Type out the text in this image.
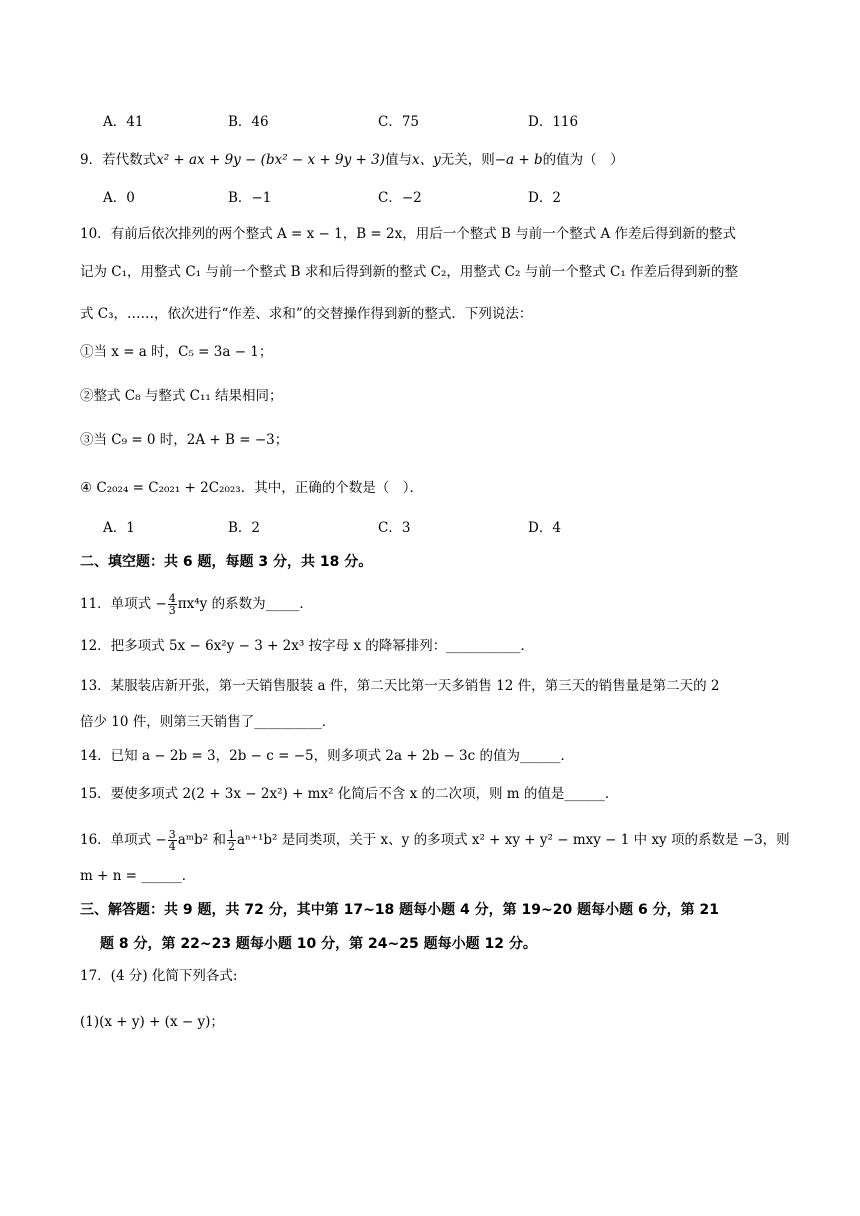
A．41	B．46	C．75	D．116
9．若代数式x² + ax + 9y − (bx² − x + 9y + 3)值与x、y无关，则−a + b的值为（　）
A．0	B．−1	C．−2	D．2
10．有前后依次排列的两个整式 A = x − 1，B = 2x，用后一个整式 B 与前一个整式 A 作差后得到新的整式
记为 C₁，用整式 C₁ 与前一个整式 B 求和后得到新的整式 C₂，用整式 C₂ 与前一个整式 C₁ 作差后得到新的整
式 C₃，……，依次进行“作差、求和”的交替操作得到新的整式．下列说法：
①当 x = a 时，C₅ = 3a − 1；
②整式 C₈ 与整式 C₁₁ 结果相同；
③当 C₉ = 0 时，2A + B = −3；
④ C₂₀₂₄ = C₂₀₂₁ + 2C₂₀₂₃．其中，正确的个数是（　）．
A．1	B．2	C．3	D．4
二、填空题：共 6 题，每题 3 分，共 18 分。
11．单项式 − $\frac{4}{3} \pi x^4y$ 的系数为_____．
12．把多项式 5x − 6x²y − 3 + 2x³ 按字母 x 的降幂排列：___________．
13．某服装店新开张，第一天销售服装 a 件，第二天比第一天多销售 12 件，第三天的销售量是第二天的 2
倍少 10 件，则第三天销售了__________．
14．已知 a − 2b = 3，2b − c = −5，则多项式 2a + 2b − 3c 的值为______．
15．要使多项式 2(2 + 3x − 2x²) + mx² 化简后不含 x 的二次项，则 m 的值是______．
16．单项式 − $\frac{3}{4}$ aᵐb² 和 $\frac{1}{2} a^{n+1}b^2$ 是同类项，关于 x、y 的多项式 x² + xy + y² − mxy − 1 中 xy 项的系数是 −3，则
m + n = ______．
三、解答题：共 9 题，共 72 分，其中第 17~18 题每小题 4 分，第 19~20 题每小题 6 分，第 21
题 8 分，第 22~23 题每小题 10 分，第 24~25 题每小题 12 分。
17．(4 分) 化简下列各式:
(1)(x + y) + (x − y)；
